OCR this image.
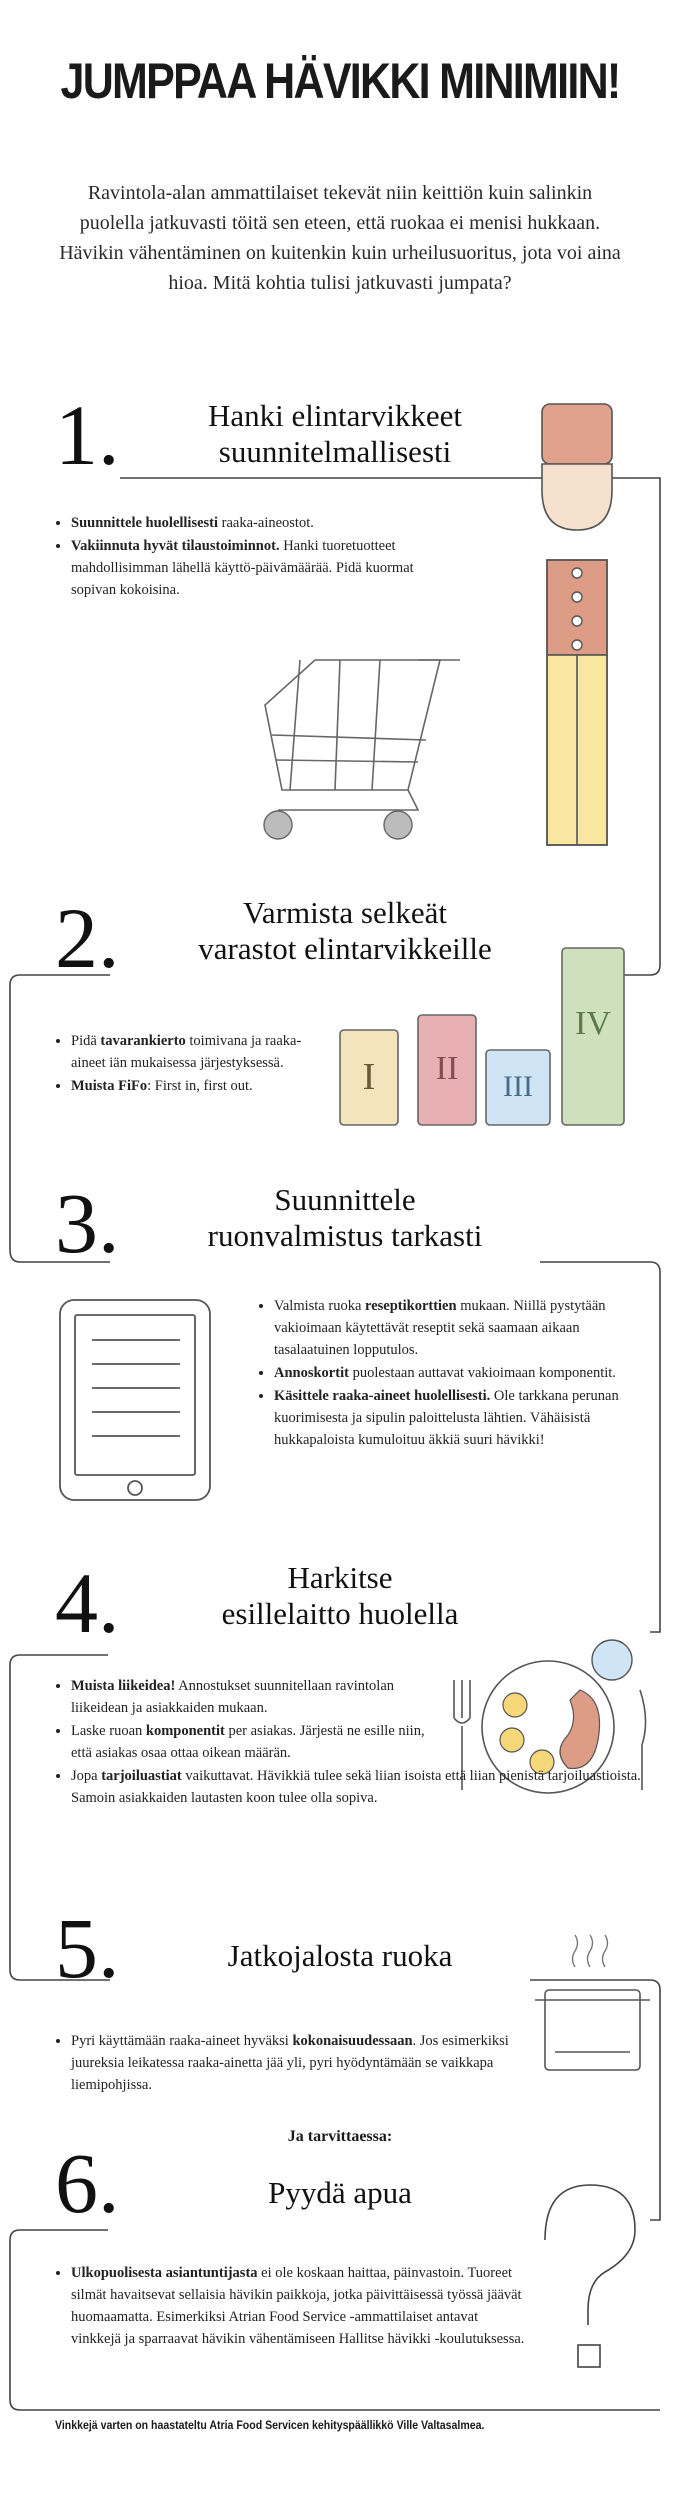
JUMPPAA HÄVIKKI MINIMIIN!
Ravintola-alan ammattilaiset tekevät niin keittiön kuin salinkin puolella jatkuvasti töitä sen eteen, että ruokaa ei menisi hukkaan. Hävikin vähentäminen on kuitenkin kuin urheilusuoritus, jota voi aina hioa. Mitä kohtia tulisi jatkuvasti jumpata?
I	II	III
IV
1.	Hanki elintarvikkeet
suunnitelmallisesti
• Suunnittele huolellisesti raaka-aineostot.
• Vakiinnuta hyvät tilaustoiminnot. Hanki tuoretuotteet mahdollisimman lähellä käyttö-päivämäärää. Pidä kuormat sopivan kokoisina.
2.	Varmista selkeät
varastot elintarvikkeille
• Pidä tavarankierto toimivana ja raaka-aineet iän mukaisessa järjestyksessä.
• Muista FiFo: First in, first out.
3.	Suunnittele
ruonvalmistus tarkasti
• Valmista ruoka reseptikorttien mukaan. Niillä pystytään vakioimaan käytettävät reseptit sekä saamaan aikaan tasalaatuinen lopputulos.
• Annoskortit puolestaan auttavat vakioimaan komponentit.
• Käsittele raaka-aineet huolellisesti. Ole tarkkana perunan kuorimisesta ja sipulin paloittelusta lähtien. Vähäisistä hukkapaloista kumuloituu äkkiä suuri hävikki!
4.	Harkitse
esillelaitto huolella
• Muista liikeidea! Annostukset suunnitellaan ravintolan liikeidean ja asiakkaiden mukaan.
• Laske ruoan komponentit per asiakas. Järjestä ne esille niin, että asiakas osaa ottaa oikean määrän.
• Jopa tarjoiluastiat vaikuttavat. Hävikkiä tulee sekä liian isoista että liian pienistä tarjoiluastioista. Samoin asiakkaiden lautasten koon tulee olla sopiva.
5.	Jatkojalosta ruoka
• Pyri käyttämään raaka-aineet hyväksi kokonaisuudessaan. Jos esimerkiksi juureksia leikatessa raaka-ainetta jää yli, pyri hyödyntämään se vaikkapa liemipohjissa.
Ja tarvittaessa:
6.	Pyydä apua
• Ulkopuolisesta asiantuntijasta ei ole koskaan haittaa, päinvastoin. Tuoreet silmät havaitsevat sellaisia hävikin paikkoja, jotka päivittäisessä työssä jäävät huomaamatta. Esimerkiksi Atrian Food Service -ammattilaiset antavat vinkkejä ja sparraavat hävikin vähentämiseen Hallitse hävikki -koulutuksessa.
Vinkkejä varten on haastateltu Atria Food Servicen kehityspäällikkö Ville Valtasalmea.
